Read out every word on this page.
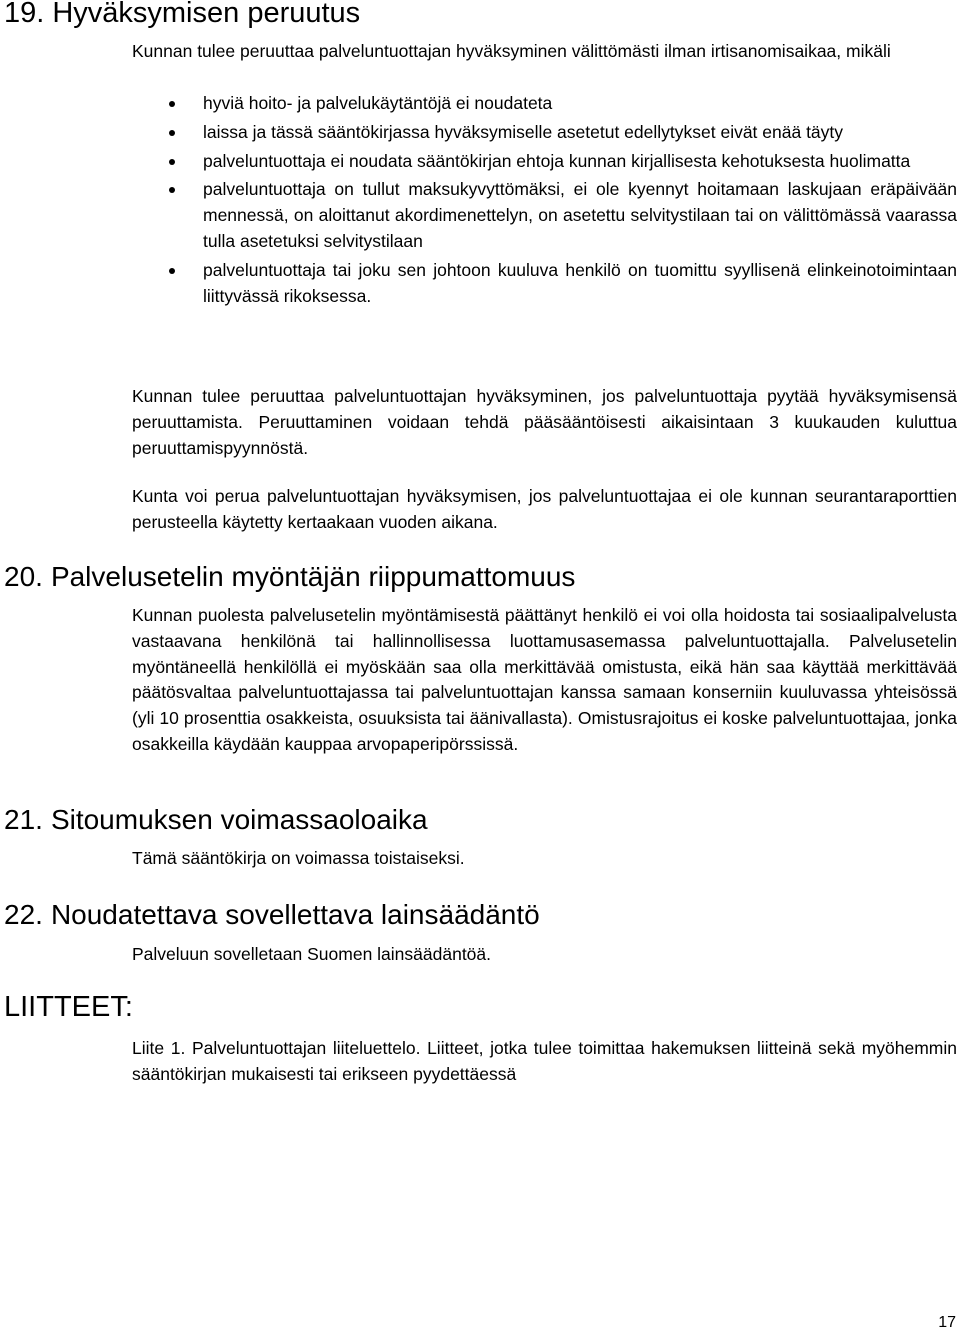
19. Hyväksymisen peruutus

Kunnan tulee peruuttaa palveluntuottajan hyväksyminen välittömästi ilman irtisanomisaikaa, mikäli

hyviä hoito- ja palvelukäytäntöjä ei noudateta
laissa ja tässä sääntökirjassa hyväksymiselle asetetut edellytykset eivät enää täyty
palveluntuottaja ei noudata sääntökirjan ehtoja kunnan kirjallisesta kehotuksesta huolimatta
palveluntuottaja on tullut maksukyvyttömäksi, ei ole kyennyt hoitamaan laskujaan eräpäivään mennessä, on aloittanut akordimenettelyn, on asetettu selvitystilaan tai on välittömässä vaarassa tulla asetetuksi selvitystilaan
palveluntuottaja tai joku sen johtoon kuuluva henkilö on tuomittu syyllisenä elinkeinotoimintaan liittyvässä rikoksessa.

Kunnan tulee peruuttaa palveluntuottajan hyväksyminen, jos palveluntuottaja pyytää hyväksymisensä peruuttamista. Peruuttaminen voidaan tehdä pääsääntöisesti aikaisintaan 3 kuukauden kuluttua peruuttamispyynnöstä.

Kunta voi perua palveluntuottajan hyväksymisen, jos palveluntuottajaa ei ole kunnan seurantaraporttien perusteella käytetty kertaakaan vuoden aikana.

20. Palvelusetelin myöntäjän riippumattomuus

Kunnan puolesta palvelusetelin myöntämisestä päättänyt henkilö ei voi olla hoidosta tai sosiaalipalvelusta vastaavana henkilönä tai hallinnollisessa luottamusasemassa palveluntuottajalla. Palvelusetelin myöntäneellä henkilöllä ei myöskään saa olla merkittävää omistusta, eikä hän saa käyttää merkittävää päätösvaltaa palveluntuottajassa tai palveluntuottajan kanssa samaan konserniin kuuluvassa yhteisössä (yli 10 prosenttia osakkeista, osuuksista tai äänivallasta). Omistusrajoitus ei koske palveluntuottajaa, jonka osakkeilla käydään kauppaa arvopaperipörssissä.

21. Sitoumuksen voimassaoloaika

Tämä sääntökirja on voimassa toistaiseksi.

22. Noudatettava sovellettava lainsäädäntö

Palveluun sovelletaan Suomen lainsäädäntöä.

LIITTEET:

Liite 1. Palveluntuottajan liiteluettelo. Liitteet, jotka tulee toimittaa hakemuksen liitteinä sekä myöhemmin sääntökirjan mukaisesti tai erikseen pyydettäessä

17
